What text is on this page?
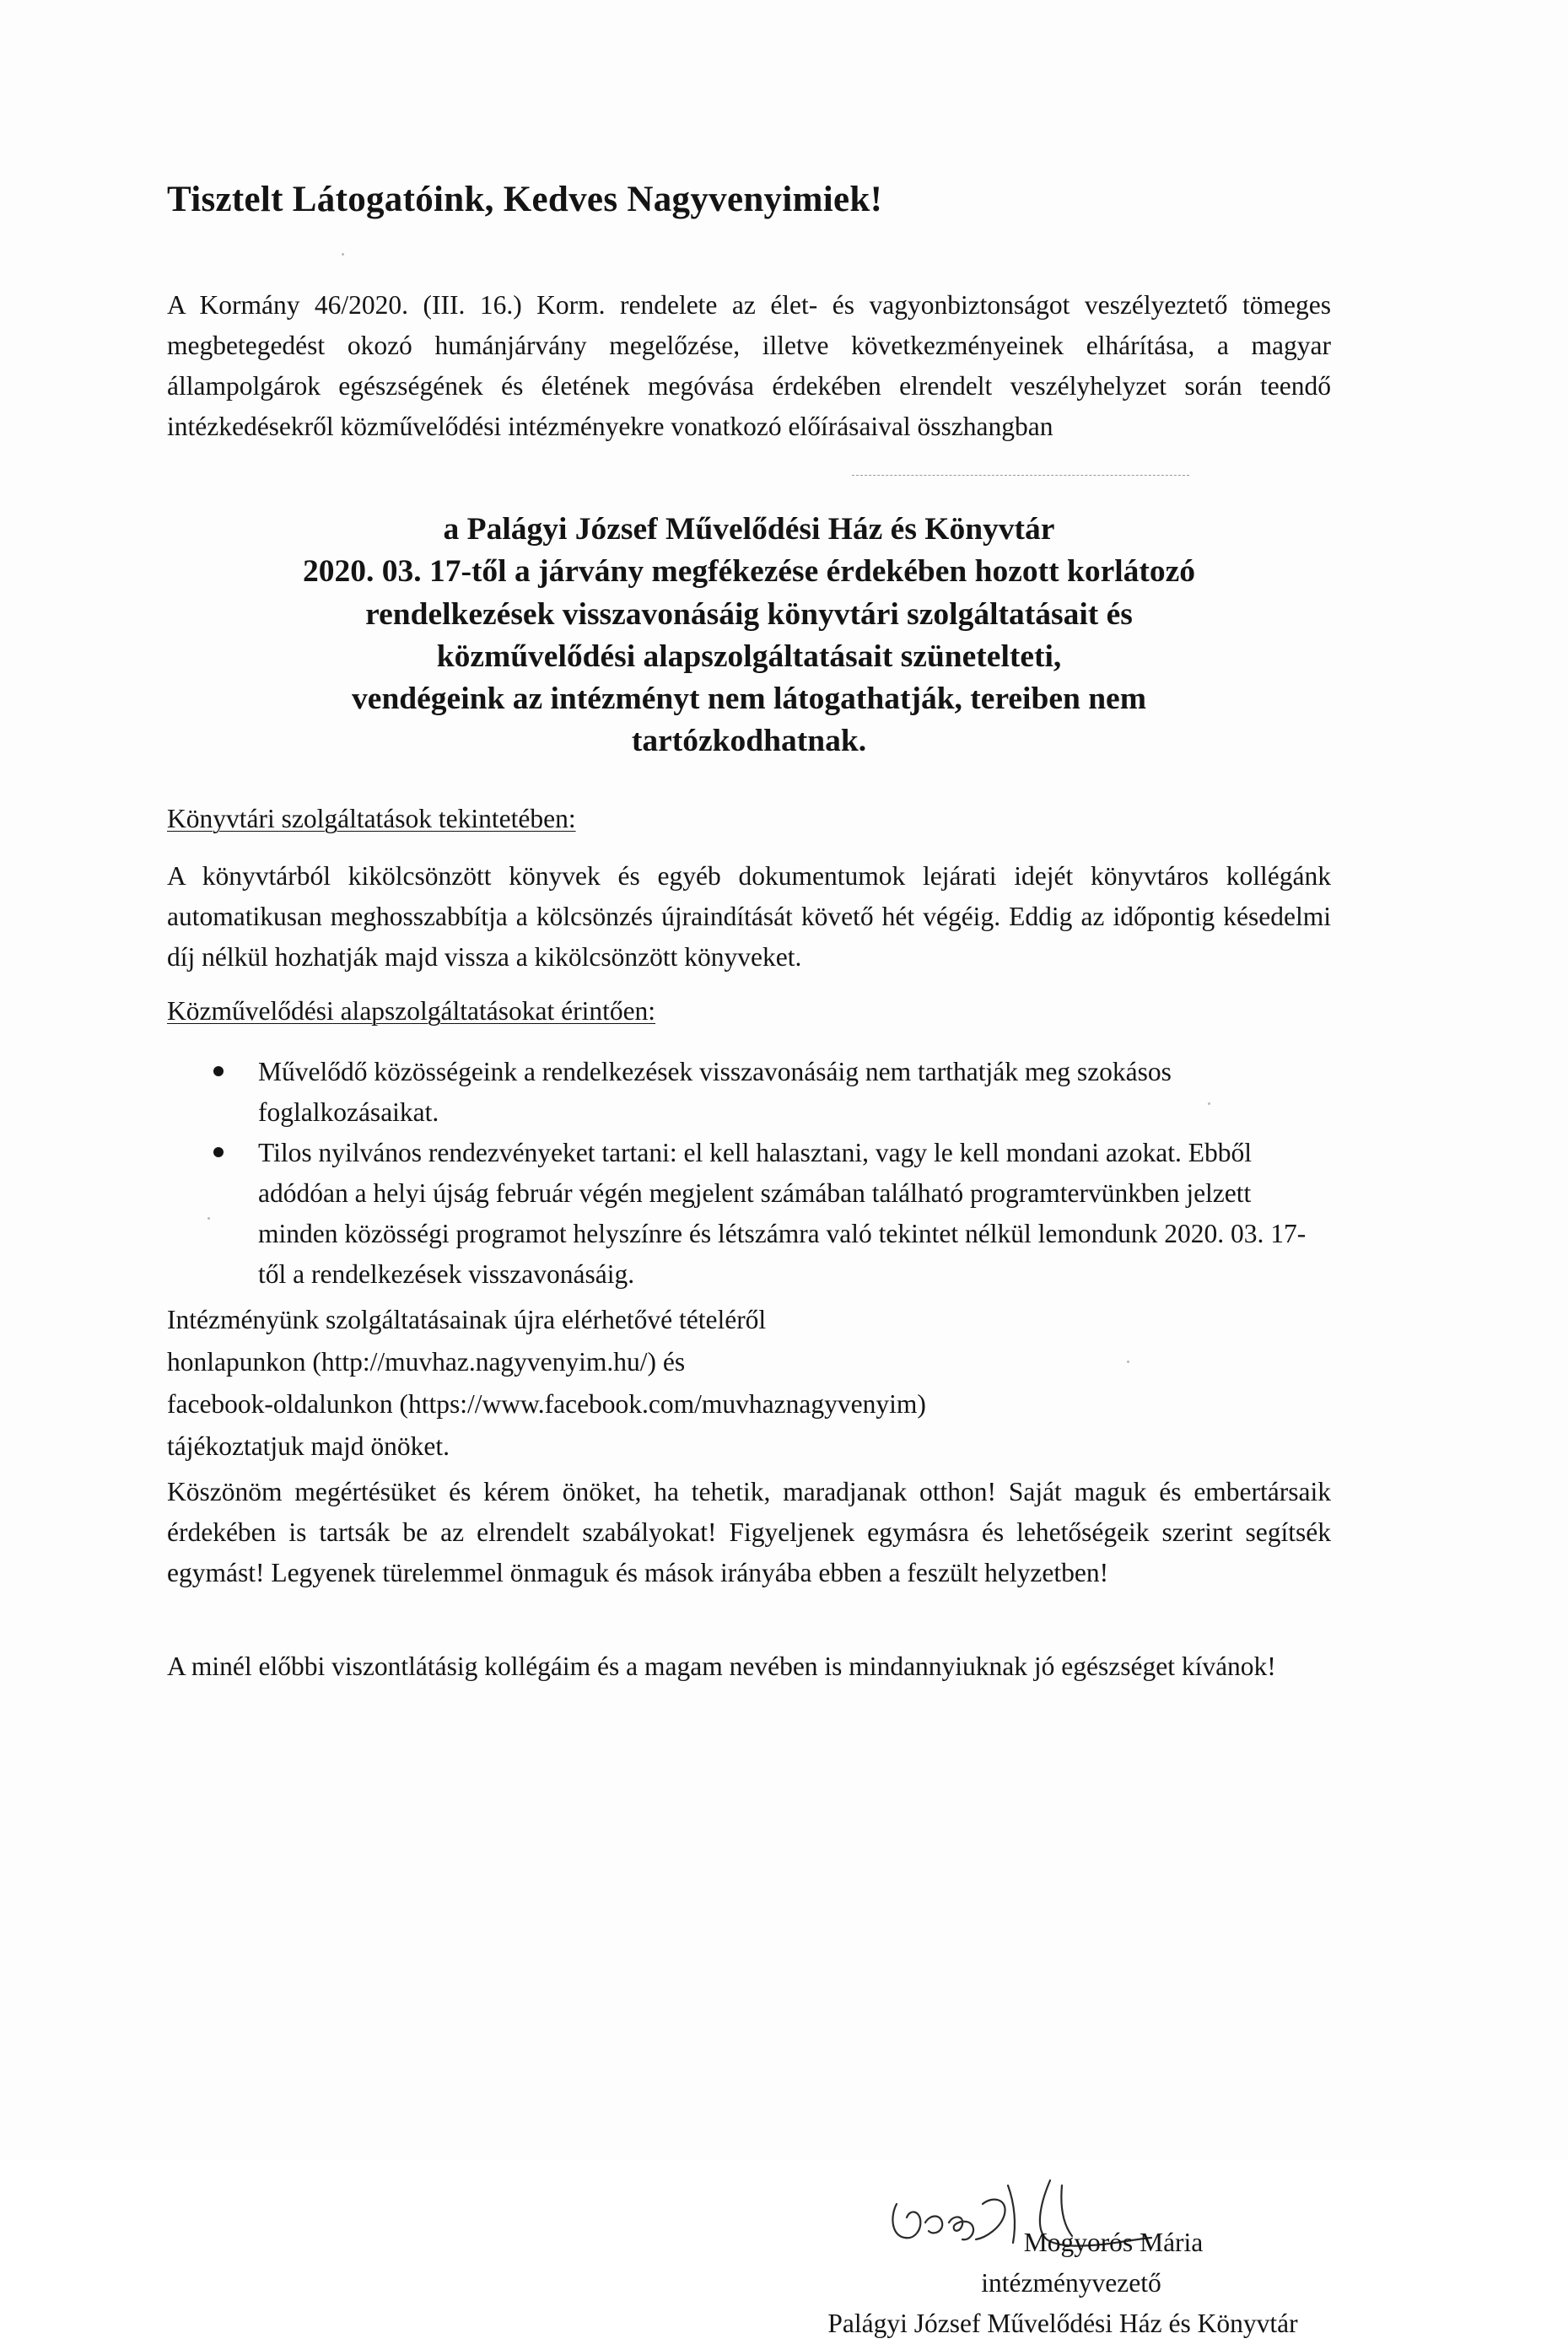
Tisztelt Látogatóink, Kedves Nagyvenyimiek!

A Kormány 46/2020. (III. 16.) Korm. rendelete az élet- és vagyonbiztonságot veszélyeztető tömeges megbetegedést okozó humánjárvány megelőzése, illetve következményeinek elhárítása, a magyar állampolgárok egészségének és életének megóvása érdekében elrendelt veszélyhelyzet során teendő intézkedésekről közművelődési intézményekre vonatkozó előírásaival összhangban

a Palágyi József Művelődési Ház és Könyvtár
2020. 03. 17-től a járvány megfékezése érdekében hozott korlátozó
rendelkezések visszavonásáig könyvtári szolgáltatásait és
közművelődési alapszolgáltatásait szünetelteti,
vendégeink az intézményt nem látogathatják, tereiben nem
tartózkodhatnak.

Könyvtári szolgáltatások tekintetében:

A könyvtárból kikölcsönzött könyvek és egyéb dokumentumok lejárati idejét könyvtáros kollégánk automatikusan meghosszabbítja a kölcsönzés újraindítását követő hét végéig. Eddig az időpontig késedelmi díj nélkül hozhatják majd vissza a kikölcsönzött könyveket.

Közművelődési alapszolgáltatásokat érintően:

Művelődő közösségeink a rendelkezések visszavonásáig nem tarthatják meg szokásos foglalkozásaikat.
Tilos nyilvános rendezvényeket tartani: el kell halasztani, vagy le kell mondani azokat. Ebből adódóan a helyi újság február végén megjelent számában található programtervünkben jelzett minden közösségi programot helyszínre és létszámra való tekintet nélkül lemondunk 2020. 03. 17-től a rendelkezések visszavonásáig.

Intézményünk szolgáltatásainak újra elérhetővé tételéről
honlapunkon (http://muvhaz.nagyvenyim.hu/) és
facebook-oldalunkon (https://www.facebook.com/muvhaznagyvenyim)
tájékoztatjuk majd önöket.

Köszönöm megértésüket és kérem önöket, ha tehetik, maradjanak otthon! Saját maguk és embertársaik érdekében is tartsák be az elrendelt szabályokat! Figyeljenek egymásra és lehetőségeik szerint segítsék egymást! Legyenek türelemmel önmaguk és mások irányába ebben a feszült helyzetben!

A minél előbbi viszontlátásig kollégáim és a magam nevében is mindannyiuknak jó egészséget kívánok!

Mogyorós Mária
intézményvezető
Palágyi József Művelődési Ház és Könyvtár
